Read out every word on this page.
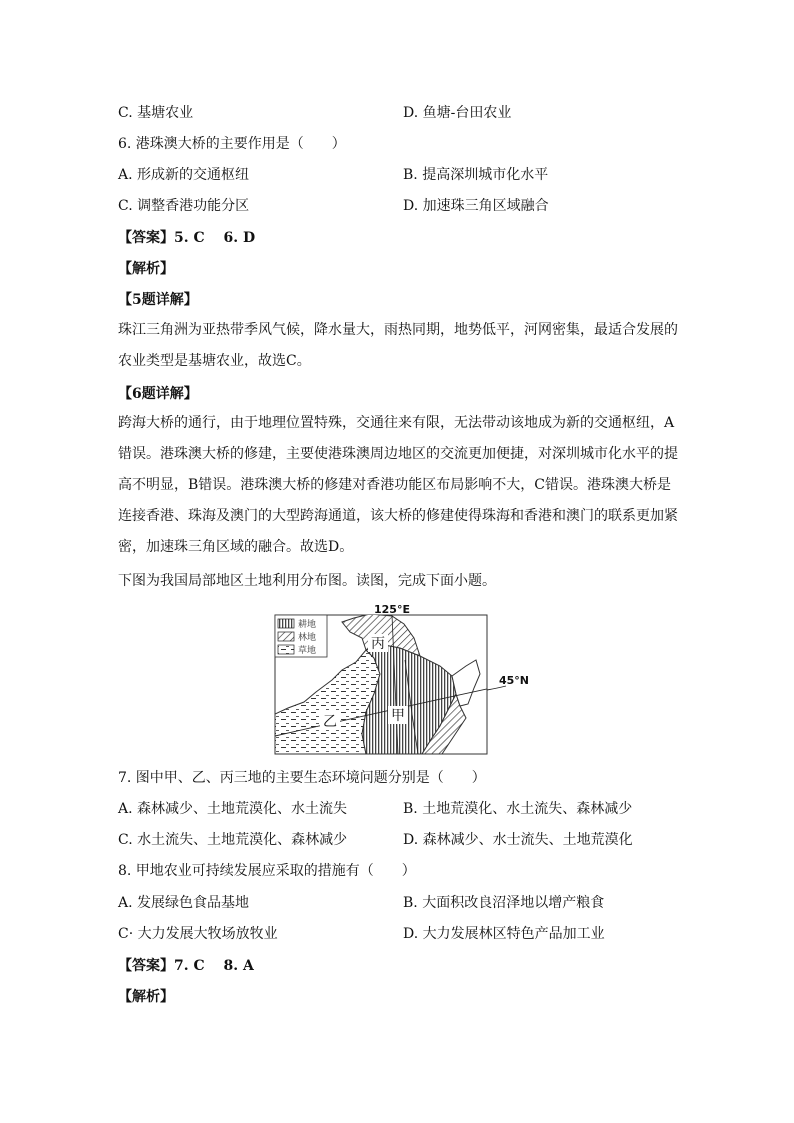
C. 基塘农业	D. 鱼塘-台田农业
6. 港珠澳大桥的主要作用是（　　）
A. 形成新的交通枢纽	B. 提高深圳城市化水平
C. 调整香港功能分区	D. 加速珠三角区域融合
【答案】5. C　 6. D
【解析】
【5题详解】
珠江三角洲为亚热带季风气候，降水量大，雨热同期，地势低平，河网密集，最适合发展的
农业类型是基塘农业，故选C。
【6题详解】
跨海大桥的通行，由于地理位置特殊，交通往来有限，无法带动该地成为新的交通枢纽，A
错误。港珠澳大桥的修建，主要使港珠澳周边地区的交流更加便捷，对深圳城市化水平的提
高不明显，B错误。港珠澳大桥的修建对香港功能区布局影响不大，C错误。港珠澳大桥是
连接香港、珠海及澳门的大型跨海通道，该大桥的修建使得珠海和香港和澳门的联系更加紧
密，加速珠三角区域的融合。故选D。
下图为我国局部地区土地利用分布图。读图，完成下面小题。
耕地
林地
草地
125°E
45°N
丙
甲
乙
7. 图中甲、乙、丙三地的主要生态环境问题分别是（　　）
A. 森林减少、土地荒漠化、水土流失	B. 土地荒漠化、水土流失、森林减少
C. 水土流失、土地荒漠化、森林减少	D. 森林减少、水士流失、土地荒漠化
8. 甲地农业可持续发展应采取的措施有（　　）
A. 发展绿色食品基地	B. 大面积改良沼泽地以增产粮食
C· 大力发展大牧场放牧业	D. 大力发展林区特色产品加工业
【答案】7. C　 8. A
【解析】
